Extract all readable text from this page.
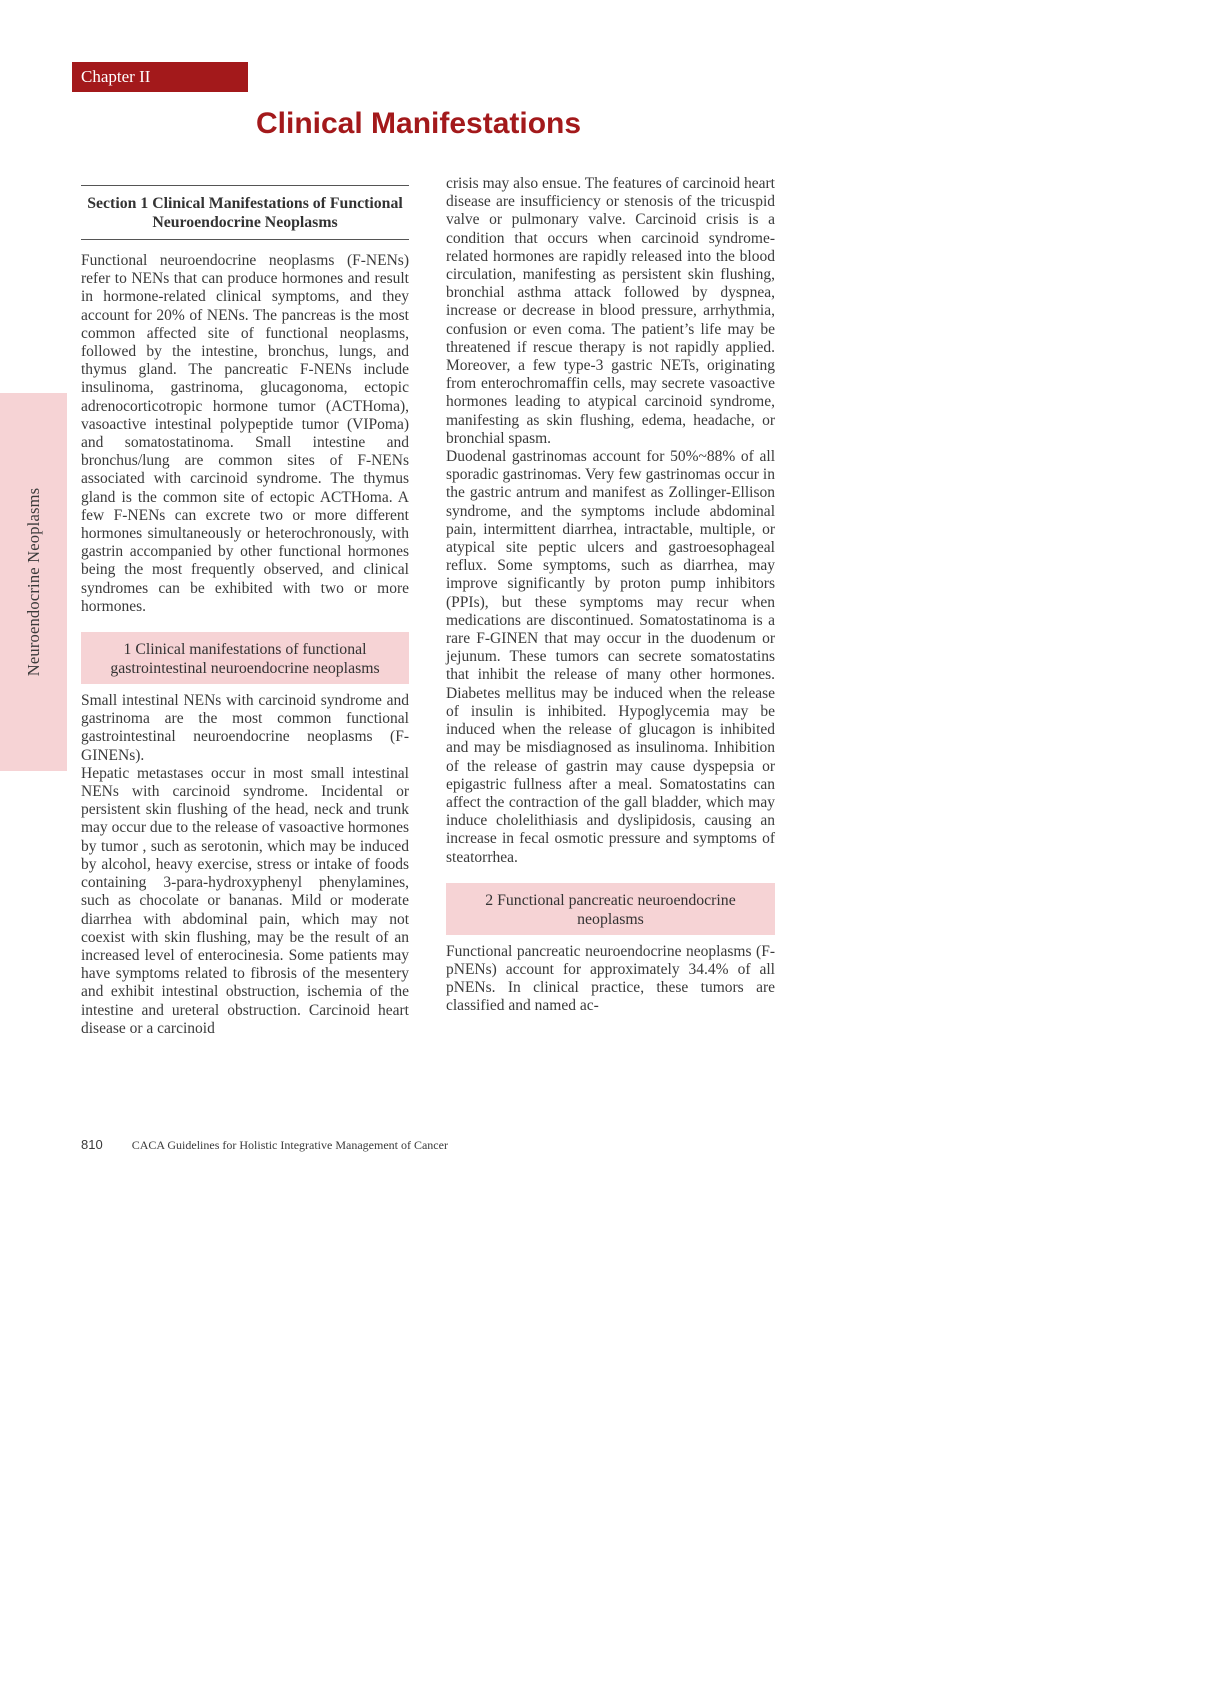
Chapter II
Clinical Manifestations
Neuroendocrine Neoplasms
Section 1 Clinical Manifestations of Functional Neuroendocrine Neoplasms

Functional neuroendocrine neoplasms (F-NENs) refer to NENs that can produce hormones and result in hormone-related clinical symptoms, and they account for 20% of NENs. The pancreas is the most common affected site of functional neoplasms, followed by the intestine, bronchus, lungs, and thymus gland. The pancreatic F-NENs include insulinoma, gastrinoma, glucagonoma, ectopic adrenocorticotropic hormone tumor (ACTHoma), vasoactive intestinal polypeptide tumor (VIPoma) and somatostatinoma. Small intestine and bronchus/lung are common sites of F-NENs associated with carcinoid syndrome. The thymus gland is the common site of ectopic ACTHoma. A few F-NENs can excrete two or more different hormones simultaneously or heterochronously, with gastrin accompanied by other functional hormones being the most frequently observed, and clinical syndromes can be exhibited with two or more hormones.

1 Clinical manifestations of functional gastrointestinal neuroendocrine neoplasms

Small intestinal NENs with carcinoid syndrome and gastrinoma are the most common functional gastrointestinal neuroendocrine neoplasms (F-GINENs).

Hepatic metastases occur in most small intestinal NENs with carcinoid syndrome. Incidental or persistent skin flushing of the head, neck and trunk may occur due to the release of vasoactive hormones by tumor , such as serotonin, which may be induced by alcohol, heavy exercise, stress or intake of foods containing 3-para-hydroxyphenyl phenylamines, such as chocolate or bananas. Mild or moderate diarrhea with abdominal pain, which may not coexist with skin flushing, may be the result of an increased level of enterocinesia. Some patients may have symptoms related to fibrosis of the mesentery and exhibit intestinal obstruction, ischemia of the intestine and ureteral obstruction. Carcinoid heart disease or a carcinoid

crisis may also ensue. The features of carcinoid heart disease are insufficiency or stenosis of the tricuspid valve or pulmonary valve. Carcinoid crisis is a condition that occurs when carcinoid syndrome-related hormones are rapidly released into the blood circulation, manifesting as persistent skin flushing, bronchial asthma attack followed by dyspnea, increase or decrease in blood pressure, arrhythmia, confusion or even coma. The patient’s life may be threatened if rescue therapy is not rapidly applied. Moreover, a few type-3 gastric NETs, originating from enterochromaffin cells, may secrete vasoactive hormones leading to atypical carcinoid syndrome, manifesting as skin flushing, edema, headache, or bronchial spasm.

Duodenal gastrinomas account for 50%~88% of all sporadic gastrinomas. Very few gastrinomas occur in the gastric antrum and manifest as Zollinger-Ellison syndrome, and the symptoms include abdominal pain, intermittent diarrhea, intractable, multiple, or atypical site peptic ulcers and gastroesophageal reflux. Some symptoms, such as diarrhea, may improve significantly by proton pump inhibitors (PPIs), but these symptoms may recur when medications are discontinued. Somatostatinoma is a rare F-GINEN that may occur in the duodenum or jejunum. These tumors can secrete somatostatins that inhibit the release of many other hormones. Diabetes mellitus may be induced when the release of insulin is inhibited. Hypoglycemia may be induced when the release of glucagon is inhibited and may be misdiagnosed as insulinoma. Inhibition of the release of gastrin may cause dyspepsia or epigastric fullness after a meal. Somatostatins can affect the contraction of the gall bladder, which may induce cholelithiasis and dyslipidosis, causing an increase in fecal osmotic pressure and symptoms of steatorrhea.

2 Functional pancreatic neuroendocrine neoplasms

Functional pancreatic neuroendocrine neoplasms (F-pNENs) account for approximately 34.4% of all pNENs. In clinical practice, these tumors are classified and named ac-

810 CACA Guidelines for Holistic Integrative Management of Cancer
